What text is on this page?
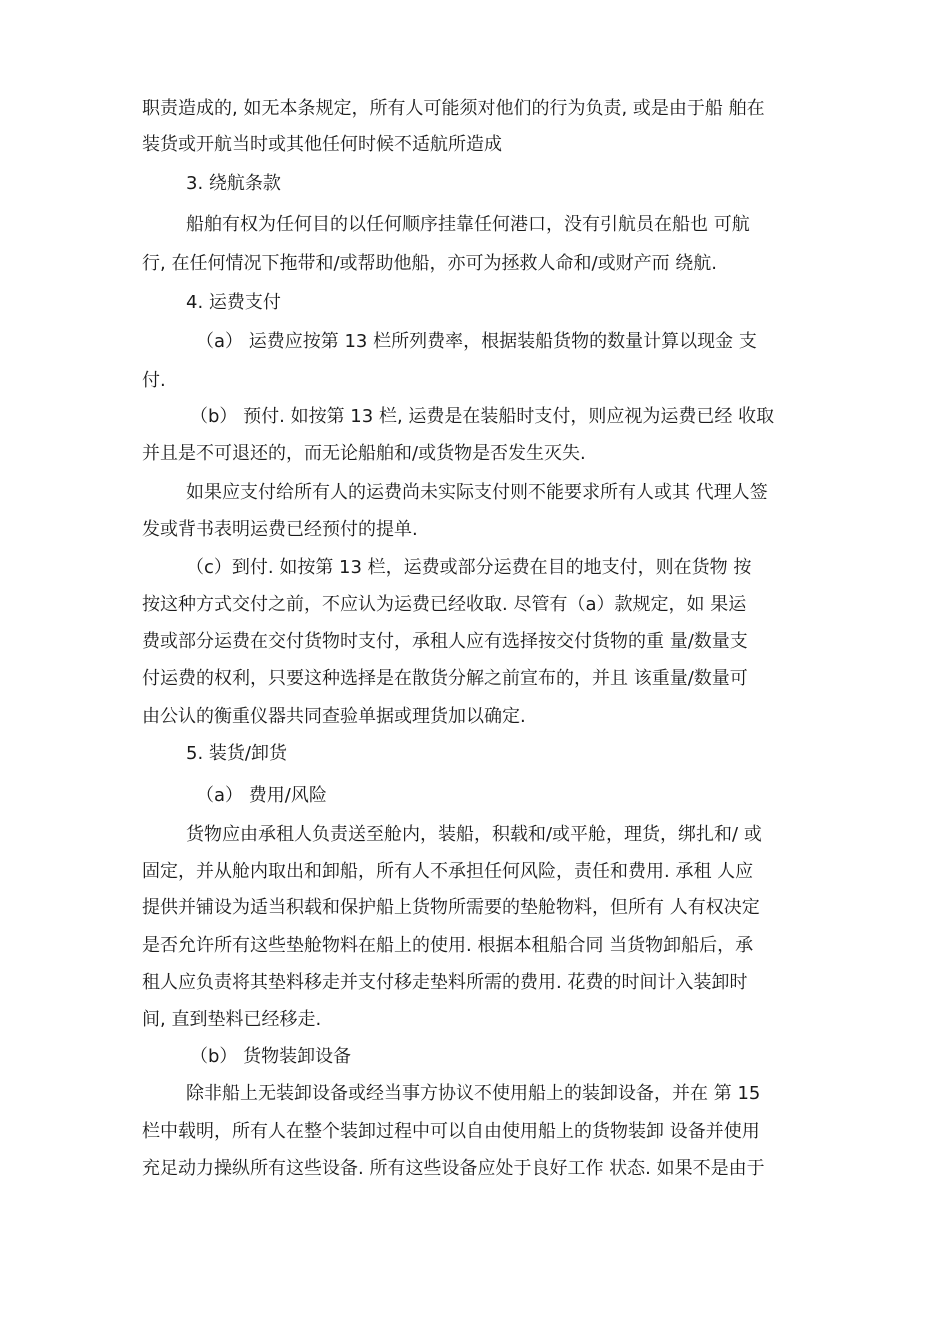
职责造成的, 如无本条规定，所有人可能须对他们的行为负责, 或是由于船 舶在
装货或开航当时或其他任何时候不适航所造成
3. 绕航条款
船舶有权为任何目的以任何顺序挂靠任何港口，没有引航员在船也 可航
行, 在任何情况下拖带和/或帮助他船，亦可为拯救人命和/或财产而 绕航.
4. 运费支付
（a） 运费应按第 13 栏所列费率，根据装船货物的数量计算以现金 支
付.
（b） 预付. 如按第 13 栏, 运费是在装船时支付，则应视为运费已经 收取
并且是不可退还的，而无论船舶和/或货物是否发生灭失.
如果应支付给所有人的运费尚未实际支付则不能要求所有人或其 代理人签
发或背书表明运费已经预付的提单.
（c）到付. 如按第 13 栏，运费或部分运费在目的地支付，则在货物 按
按这种方式交付之前，不应认为运费已经收取. 尽管有（a）款规定，如 果运
费或部分运费在交付货物时支付，承租人应有选择按交付货物的重 量/数量支
付运费的权利，只要这种选择是在散货分解之前宣布的，并且 该重量/数量可
由公认的衡重仪器共同查验单据或理货加以确定.
5. 装货/卸货
（a） 费用/风险
货物应由承租人负责送至舱内，装船，积载和/或平舱，理货，绑扎和/ 或
固定，并从舱内取出和卸船，所有人不承担任何风险，责任和费用. 承租 人应
提供并铺设为适当积载和保护船上货物所需要的垫舱物料，但所有 人有权决定
是否允许所有这些垫舱物料在船上的使用. 根据本租船合同 当货物卸船后，承
租人应负责将其垫料移走并支付移走垫料所需的费用. 花费的时间计入装卸时
间, 直到垫料已经移走.
（b） 货物装卸设备
除非船上无装卸设备或经当事方协议不使用船上的装卸设备，并在 第 15
栏中载明，所有人在整个装卸过程中可以自由使用船上的货物装卸 设备并使用
充足动力操纵所有这些设备. 所有这些设备应处于良好工作 状态. 如果不是由于
